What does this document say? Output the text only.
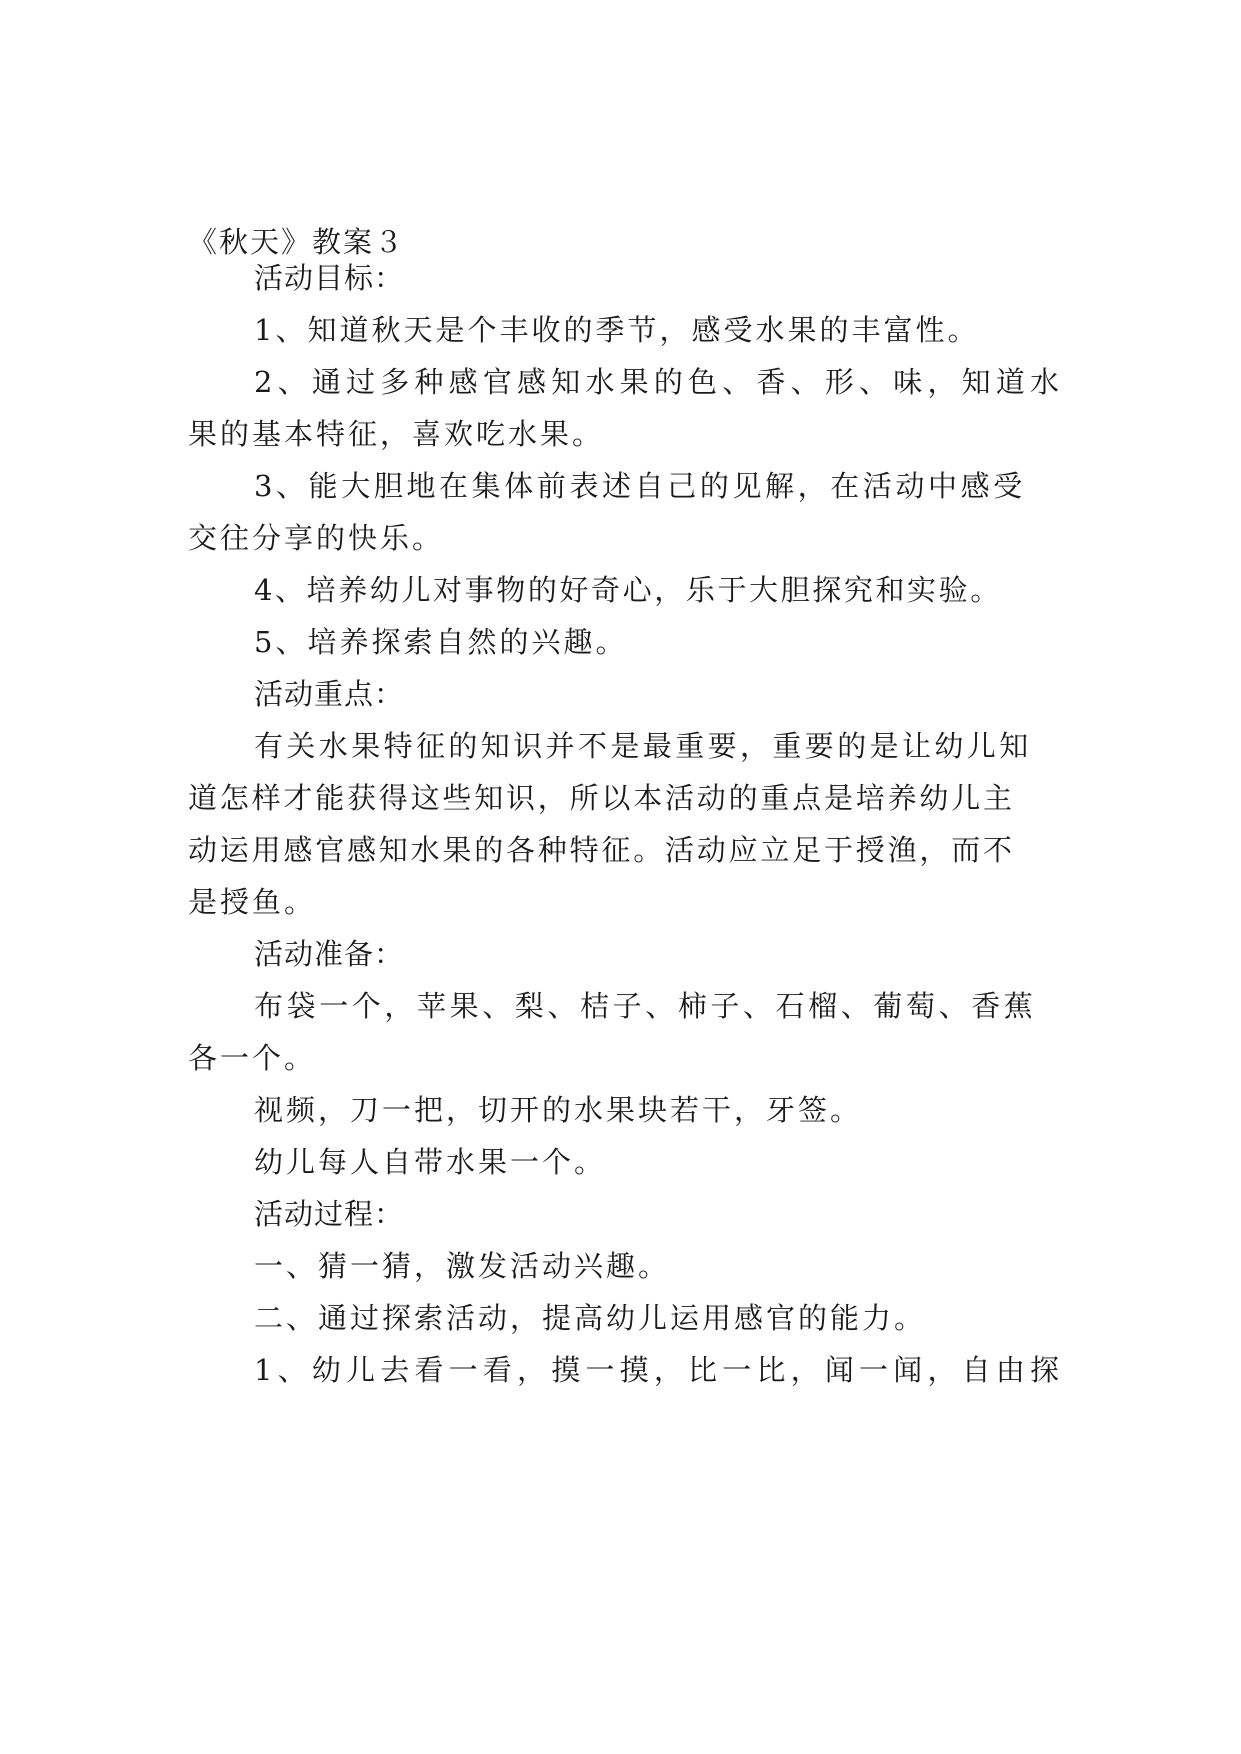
《秋天》教案３
活动目标：
1、知道秋天是个丰收的季节，感受水果的丰富性。
2、通过多种感官感知水果的色、香、形、味，知道水
果的基本特征，喜欢吃水果。
3、能大胆地在集体前表述自己的见解，在活动中感受
交往分享的快乐。
4、培养幼儿对事物的好奇心，乐于大胆探究和实验。
5、培养探索自然的兴趣。
活动重点：
有关水果特征的知识并不是最重要，重要的是让幼儿知
道怎样才能获得这些知识，所以本活动的重点是培养幼儿主
动运用感官感知水果的各种特征。活动应立足于授渔，而不
是授鱼。
活动准备：
布袋一个，苹果、梨、桔子、柿子、石榴、葡萄、香蕉
各一个。
视频，刀一把，切开的水果块若干，牙签。
幼儿每人自带水果一个。
活动过程：
一、猜一猜，激发活动兴趣。
二、通过探索活动，提高幼儿运用感官的能力。
1、幼儿去看一看，摸一摸，比一比，闻一闻，自由探
